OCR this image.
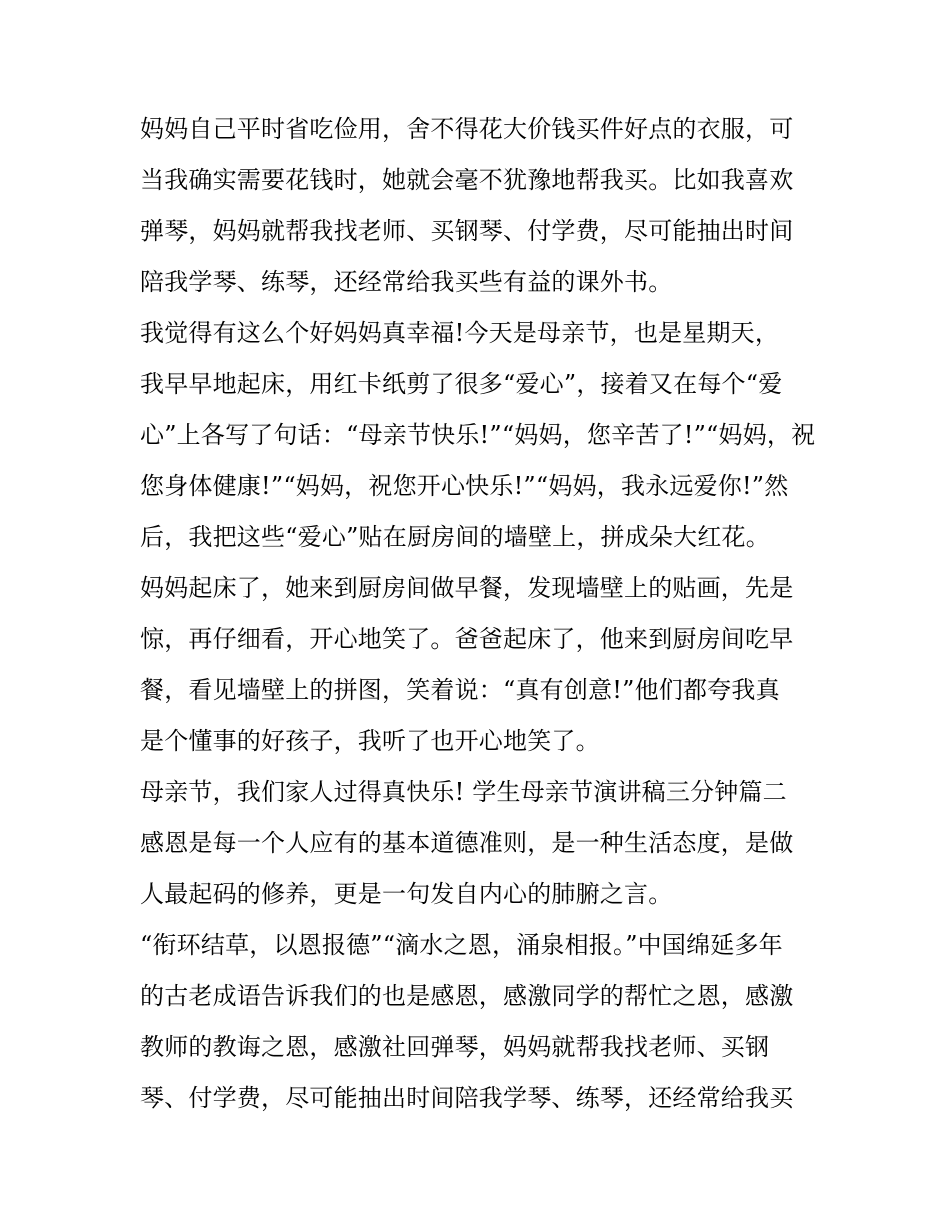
妈妈自己平时省吃俭用，舍不得花大价钱买件好点的衣服，可
当我确实需要花钱时，她就会毫不犹豫地帮我买。比如我喜欢
弹琴，妈妈就帮我找老师、买钢琴、付学费，尽可能抽出时间
陪我学琴、练琴，还经常给我买些有益的课外书。
我觉得有这么个好妈妈真幸福!今天是母亲节，也是星期天，
我早早地起床，用红卡纸剪了很多“爱心”，接着又在每个“爱
心”上各写了句话：“母亲节快乐!”“妈妈，您辛苦了!”“妈妈，祝
您身体健康!”“妈妈，祝您开心快乐!”“妈妈，我永远爱你!”然
后，我把这些“爱心”贴在厨房间的墙壁上，拼成朵大红花。
妈妈起床了，她来到厨房间做早餐，发现墙壁上的贴画，先是
惊，再仔细看，开心地笑了。爸爸起床了，他来到厨房间吃早
餐，看见墙壁上的拼图，笑着说：“真有创意!”他们都夸我真
是个懂事的好孩子，我听了也开心地笑了。
母亲节，我们家人过得真快乐! 学生母亲节演讲稿三分钟篇二
感恩是每一个人应有的基本道德准则，是一种生活态度，是做
人最起码的修养，更是一句发自内心的肺腑之言。
“衔环结草，以恩报德”“滴水之恩，涌泉相报。”中国绵延多年
的古老成语告诉我们的也是感恩，感激同学的帮忙之恩，感激
教师的教诲之恩，感激社回弹琴，妈妈就帮我找老师、买钢
琴、付学费，尽可能抽出时间陪我学琴、练琴，还经常给我买
